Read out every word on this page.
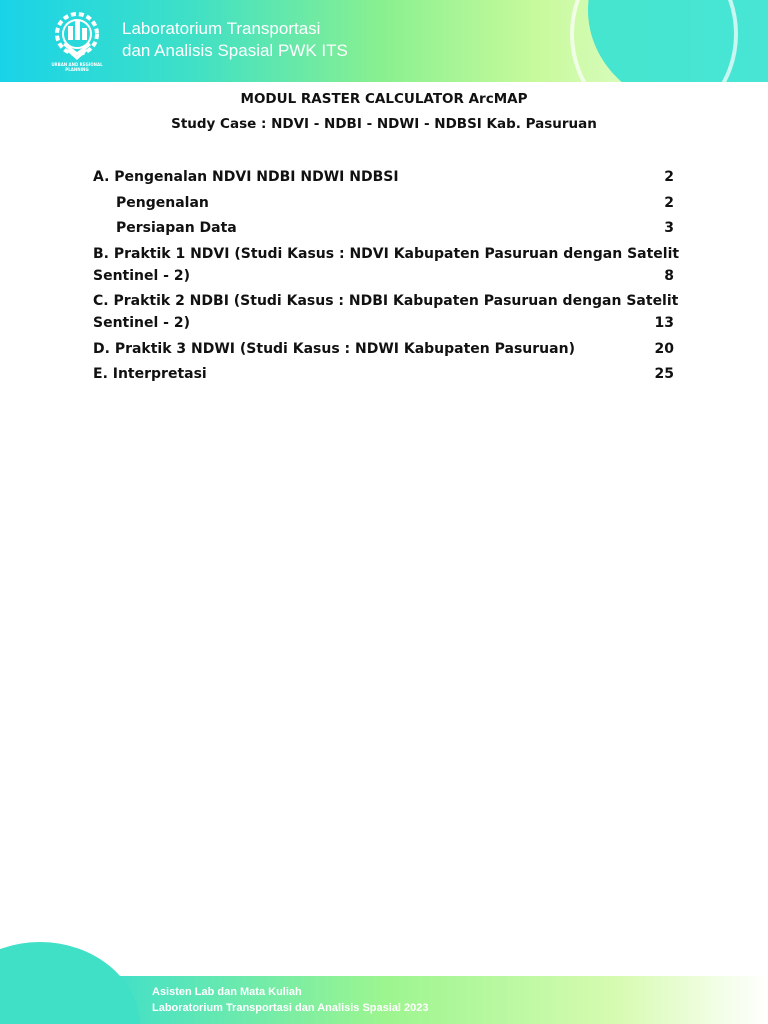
URBAN AND REGIONAL PLANNING
Laboratorium Transportasi
dan Analisis Spasial PWK ITS
MODUL RASTER CALCULATOR ArcMAP
Study Case : NDVI - NDBI - NDWI - NDBSI Kab. Pasuruan
A. Pengenalan NDVI NDBI NDWI NDBSI	2
Pengenalan	2
Persiapan Data	3
B. Praktik 1 NDVI (Studi Kasus : NDVI Kabupaten Pasuruan dengan Satelit
Sentinel - 2)	8
C. Praktik 2 NDBI (Studi Kasus : NDBI Kabupaten Pasuruan dengan Satelit
Sentinel - 2)	13
D. Praktik 3 NDWI (Studi Kasus : NDWI Kabupaten Pasuruan)	20
E. Interpretasi	25
Asisten Lab dan Mata Kuliah
Laboratorium Transportasi dan Analisis Spasial 2023
